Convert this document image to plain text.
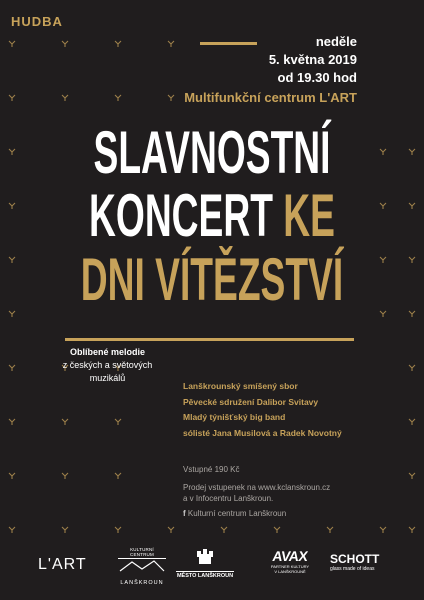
HUDBA
neděle
5. května 2019
od 19.30 hod
Multifunkční centrum L'ART
SLAVNOSTNÍ
KONCERT KE
DNI VÍTĚZSTVÍ
Oblíbené melodie
z českých a světových
muzikálů
Lanškrounský smíšený sbor
Pěvecké sdružení Dalibor Svitavy
Mladý týnišťský big band
sólisté Jana Musilová a Radek Novotný
Vstupné 190 Kč
Prodej vstupenek na www.kclanskroun.cz
a v Infocentru Lanškroun.
f Kulturní centrum Lanškroun
L'ART
KULTURNÍ CENTRUM
LANŠKROUN
MĚSTO LANŠKROUN
AVAX
PARTNER KULTURY
V LANŠKROUNĚ
SCHOTT
glass made of ideas
